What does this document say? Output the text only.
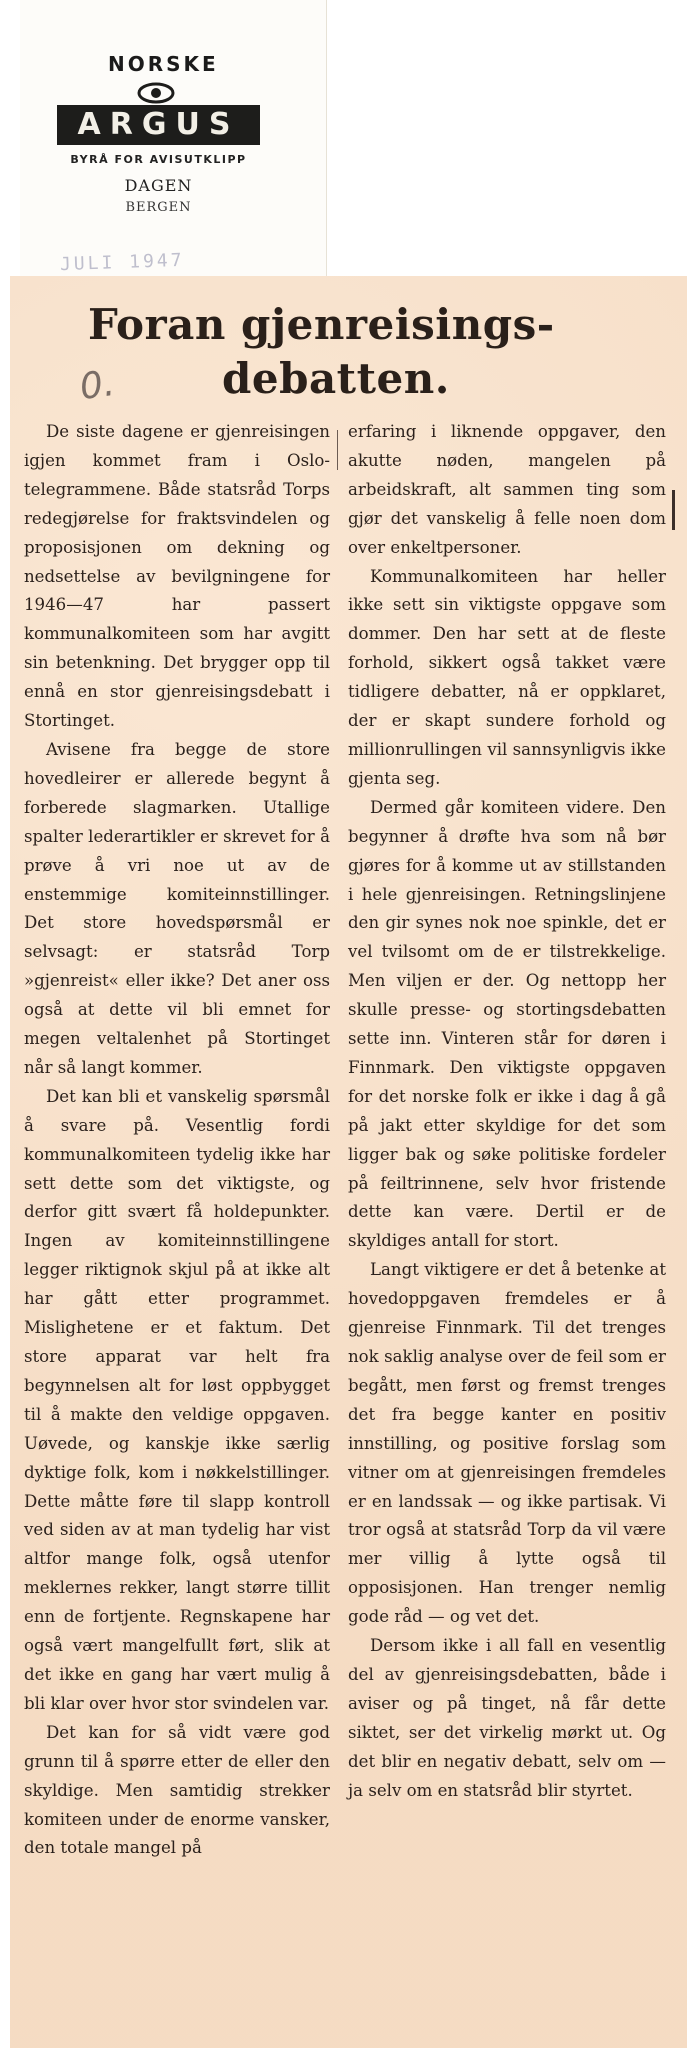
NORSKE
ARGUS
BYRÅ FOR AVISUTKLIPP
DAGEN
BERGEN
JULI 1947
Foran gjenreisings-
debatten.
0.

De siste dagene er gjenreisingen igjen kommet fram i Oslo-telegrammene. Både statsråd Torps redegjørelse for fraktsvindelen og proposisjonen om dekning og nedsettelse av bevilgningene for 1946—47 har passert kommunalkomiteen som har avgitt sin betenkning. Det brygger opp til ennå en stor gjenreisingsdebatt i Stortinget.

Avisene fra begge de store hovedleirer er allerede begynt å forberede slagmarken. Utallige spalter lederartikler er skrevet for å prøve å vri noe ut av de enstemmige komiteinnstillinger. Det store hovedspørsmål er selvsagt: er statsråd Torp »gjenreist« eller ikke? Det aner oss også at dette vil bli emnet for megen veltalenhet på Stortinget når så langt kommer.

Det kan bli et vanskelig spørsmål å svare på. Vesentlig fordi kommunalkomiteen tydelig ikke har sett dette som det viktigste, og derfor gitt svært få holdepunkter. Ingen av komiteinnstillingene legger riktignok skjul på at ikke alt har gått etter programmet. Mislighetene er et faktum. Det store apparat var helt fra begynnelsen alt for løst oppbygget til å makte den veldige oppgaven. Uøvede, og kanskje ikke særlig dyktige folk, kom i nøkkelstillinger. Dette måtte føre til slapp kontroll ved siden av at man tydelig har vist altfor mange folk, også utenfor meklernes rekker, langt større tillit enn de fortjente. Regnskapene har også vært mangelfullt ført, slik at det ikke en gang har vært mulig å bli klar over hvor stor svindelen var.

Det kan for så vidt være god grunn til å spørre etter de eller den skyldige. Men samtidig strekker komiteen under de enorme vansker, den totale mangel på

erfaring i liknende oppgaver, den akutte nøden, mangelen på arbeidskraft, alt sammen ting som gjør det vanskelig å felle noen dom over enkeltpersoner.

Kommunalkomiteen har heller ikke sett sin viktigste oppgave som dommer. Den har sett at de fleste forhold, sikkert også takket være tidligere debatter, nå er oppklaret, der er skapt sundere forhold og millionrullingen vil sannsynligvis ikke gjenta seg.

Dermed går komiteen videre. Den begynner å drøfte hva som nå bør gjøres for å komme ut av stillstanden i hele gjenreisingen. Retningslinjene den gir synes nok noe spinkle, det er vel tvilsomt om de er tilstrekkelige. Men viljen er der. Og nettopp her skulle presse- og stortingsdebatten sette inn. Vinteren står for døren i Finnmark. Den viktigste oppgaven for det norske folk er ikke i dag å gå på jakt etter skyldige for det som ligger bak og søke politiske fordeler på feiltrinnene, selv hvor fristende dette kan være. Dertil er de skyldiges antall for stort.

Langt viktigere er det å betenke at hovedoppgaven fremdeles er å gjenreise Finnmark. Til det trenges nok saklig analyse over de feil som er begått, men først og fremst trenges det fra begge kanter en positiv innstilling, og positive forslag som vitner om at gjenreisingen fremdeles er en landssak — og ikke partisak. Vi tror også at statsråd Torp da vil være mer villig å lytte også til opposisjonen. Han trenger nemlig gode råd — og vet det.

Dersom ikke i all fall en vesentlig del av gjenreisingsdebatten, både i aviser og på tinget, nå får dette siktet, ser det virkelig mørkt ut. Og det blir en negativ debatt, selv om — ja selv om en statsråd blir styrtet.
